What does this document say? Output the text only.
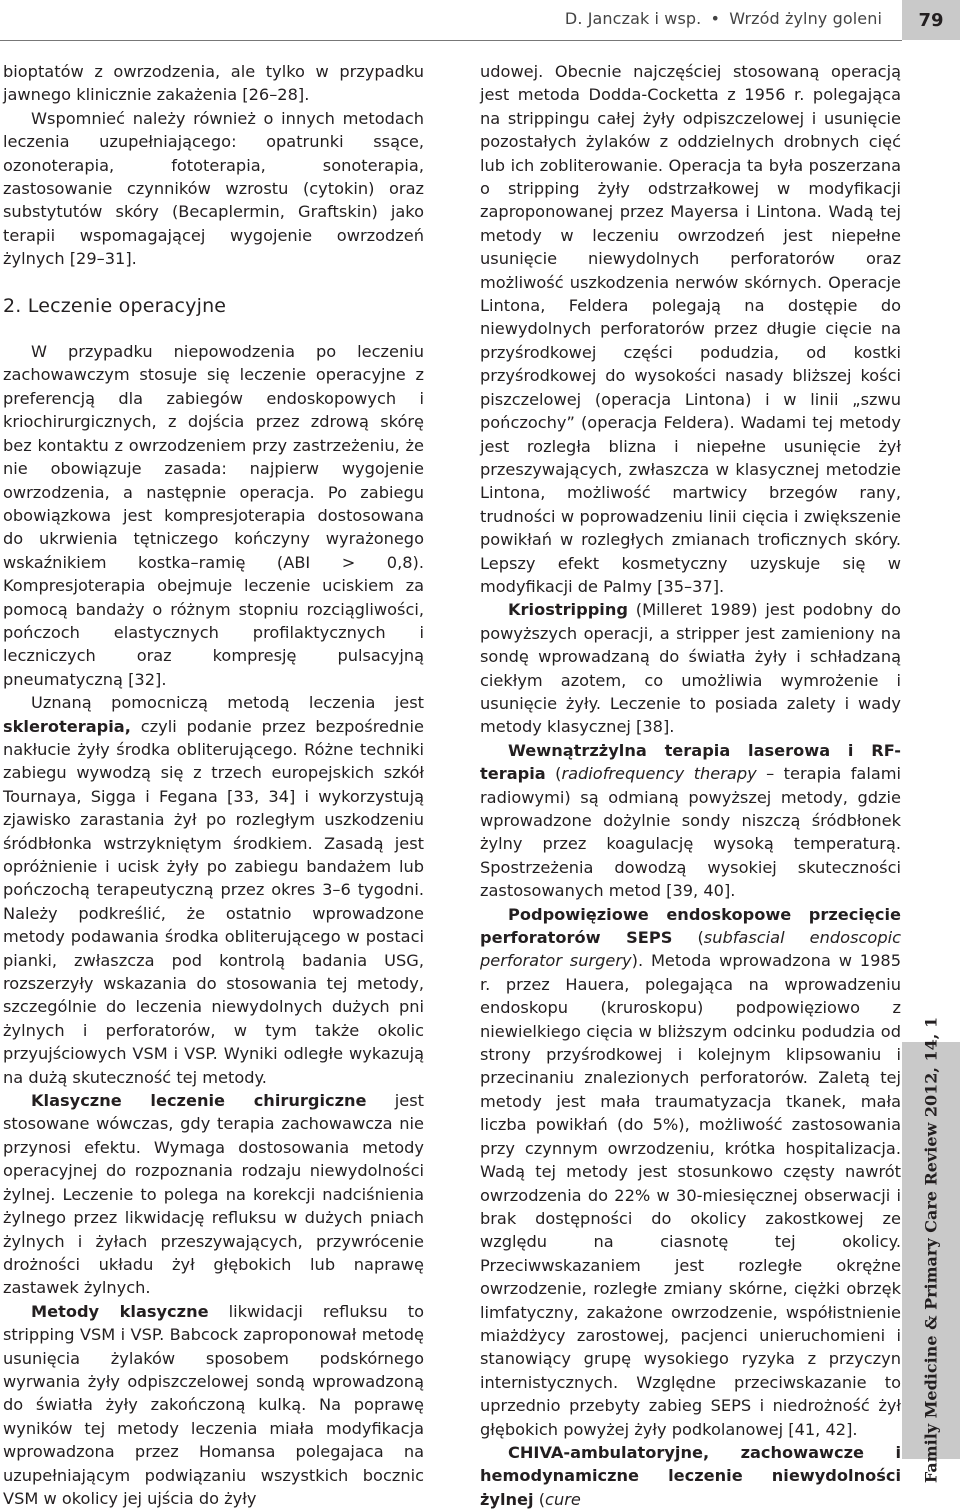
D. Janczak i wsp. • Wrzód żylny goleni	79
Family Medicine & Primary Care Review 2012, 14, 1

bioptatów z owrzodzenia, ale tylko w przypadku jawnego klinicznie zakażenia [26–28].

Wspomnieć należy również o innych metodach leczenia uzupełniającego: opatrunki ssące, ozonoterapia, fototerapia, sonoterapia, zastosowanie czynników wzrostu (cytokin) oraz substytutów skóry (Becaplermin, Graftskin) jako terapii wspomagającej wygojenie owrzodzeń żylnych [29–31].

2. Leczenie operacyjne

W przypadku niepowodzenia po leczeniu zachowawczym stosuje się leczenie operacyjne z preferencją dla zabiegów endoskopowych i kriochirurgicznych, z dojścia przez zdrową skórę bez kontaktu z owrzodzeniem przy zastrzeżeniu, że nie obowiązuje zasada: najpierw wygojenie owrzodzenia, a następnie operacja. Po zabiegu obowiązkowa jest kompresjoterapia dostosowana do ukrwienia tętniczego kończyny wyrażonego wskaźnikiem kostka–ramię (ABI > 0,8). Kompresjoterapia obejmuje leczenie uciskiem za pomocą bandaży o różnym stopniu rozciągliwości, pończoch elastycznych profilaktycznych i leczniczych oraz kompresję pulsacyjną pneumatyczną [32].

Uznaną pomocniczą metodą leczenia jest skleroterapia, czyli podanie przez bezpośrednie nakłucie żyły środka obliterującego. Różne techniki zabiegu wywodzą się z trzech europejskich szkół Tournaya, Sigga i Fegana [33, 34] i wykorzystują zjawisko zarastania żył po rozległym uszkodzeniu śródbłonka wstrzykniętym środkiem. Zasadą jest opróżnienie i ucisk żyły po zabiegu bandażem lub pończochą terapeutyczną przez okres 3–6 tygodni. Należy podkreślić, że ostatnio wprowadzone metody podawania środka obliterującego w postaci pianki, zwłaszcza pod kontrolą badania USG, rozszerzyły wskazania do stosowania tej metody, szczególnie do leczenia niewydolnych dużych pni żylnych i perforatorów, w tym także okolic przyujściowych VSM i VSP. Wyniki odległe wykazują na dużą skuteczność tej metody.

Klasyczne leczenie chirurgiczne jest stosowane wówczas, gdy terapia zachowawcza nie przynosi efektu. Wymaga dostosowania metody operacyjnej do rozpoznania rodzaju niewydolności żylnej. Leczenie to polega na korekcji nadciśnienia żylnego przez likwidację refluksu w dużych pniach żylnych i żyłach przeszywających, przywrócenie drożności układu żył głębokich lub naprawę zastawek żylnych.

Metody klasyczne likwidacji refluksu to stripping VSM i VSP. Babcock zaproponował metodę usunięcia żylaków sposobem podskórnego wyrwania żyły odpiszczelowej sondą wprowadzoną do światła żyły zakończoną kulką. Na poprawę wyników tej metody leczenia miała modyfikacja wprowadzona przez Homansa polegajaca na uzupełniającym podwiązaniu wszystkich bocznic VSM w okolicy jej ujścia do żyły

udowej. Obecnie najczęściej stosowaną operacją jest metoda Dodda-Cocketta z 1956 r. polegająca na strippingu całej żyły odpiszczelowej i usunięcie pozostałych żylaków z oddzielnych drobnych cięć lub ich zobliterowanie. Operacja ta była poszerzana o stripping żyły odstrzałkowej w modyfikacji zaproponowanej przez Mayersa i Lintona. Wadą tej metody w leczeniu owrzodzeń jest niepełne usunięcie niewydolnych perforatorów oraz możliwość uszkodzenia nerwów skórnych. Operacje Lintona, Feldera polegają na dostępie do niewydolnych perforatorów przez długie cięcie na przyśrodkowej części podudzia, od kostki przyśrodkowej do wysokości nasady bliższej kości piszczelowej (operacja Lintona) i w linii „szwu pończochy” (operacja Feldera). Wadami tej metody jest rozległa blizna i niepełne usunięcie żył przeszywających, zwłaszcza w klasycznej metodzie Lintona, możliwość martwicy brzegów rany, trudności w poprowadzeniu linii cięcia i zwiększenie powikłań w rozległych zmianach troficznych skóry. Lepszy efekt kosmetyczny uzyskuje się w modyfikacji de Palmy [35–37].

Kriostripping (Milleret 1989) jest podobny do powyższych operacji, a stripper jest zamieniony na sondę wprowadzaną do światła żyły i schładzaną ciekłym azotem, co umożliwia wymrożenie i usunięcie żyły. Leczenie to posiada zalety i wady metody klasycznej [38].

Wewnątrzżylna terapia laserowa i RF-terapia (radiofrequency therapy – terapia falami radiowymi) są odmianą powyższej metody, gdzie wprowadzone dożylnie sondy niszczą śródbłonek żylny przez koagulację wysoką temperaturą. Spostrzeżenia dowodzą wysokiej skuteczności zastosowanych metod [39, 40].

Podpowięziowe endoskopowe przecięcie perforatorów SEPS (subfascial endoscopic perforator surgery). Metoda wprowadzona w 1985 r. przez Hauera, polegająca na wprowadzeniu endoskopu (kruroskopu) podpowięziowo z niewielkiego cięcia w bliższym odcinku podudzia od strony przyśrodkowej i kolejnym klipsowaniu i przecinaniu znalezionych perforatorów. Zaletą tej metody jest mała traumatyzacja tkanek, mała liczba powikłań (do 5%), możliwość zastosowania przy czynnym owrzodzeniu, krótka hospitalizacja. Wadą tej metody jest stosunkowo częsty nawrót owrzodzenia do 22% w 30-miesięcznej obserwacji i brak dostępności do okolicy zakostkowej ze względu na ciasnotę tej okolicy. Przeciwwskazaniem jest rozległe okrężne owrzodzenie, rozległe zmiany skórne, ciężki obrzęk limfatyczny, zakażone owrzodzenie, współistnienie miażdżycy zarostowej, pacjenci unieruchomieni i stanowiący grupę wysokiego ryzyka z przyczyn internistycznych. Względne przeciwskazanie to uprzednio przebyty zabieg SEPS i niedrożność żył głębokich powyżej żyły podkolanowej [41, 42].

CHIVA-ambulatoryjne, zachowawcze i hemodynamiczne leczenie niewydolności żylnej (cure
